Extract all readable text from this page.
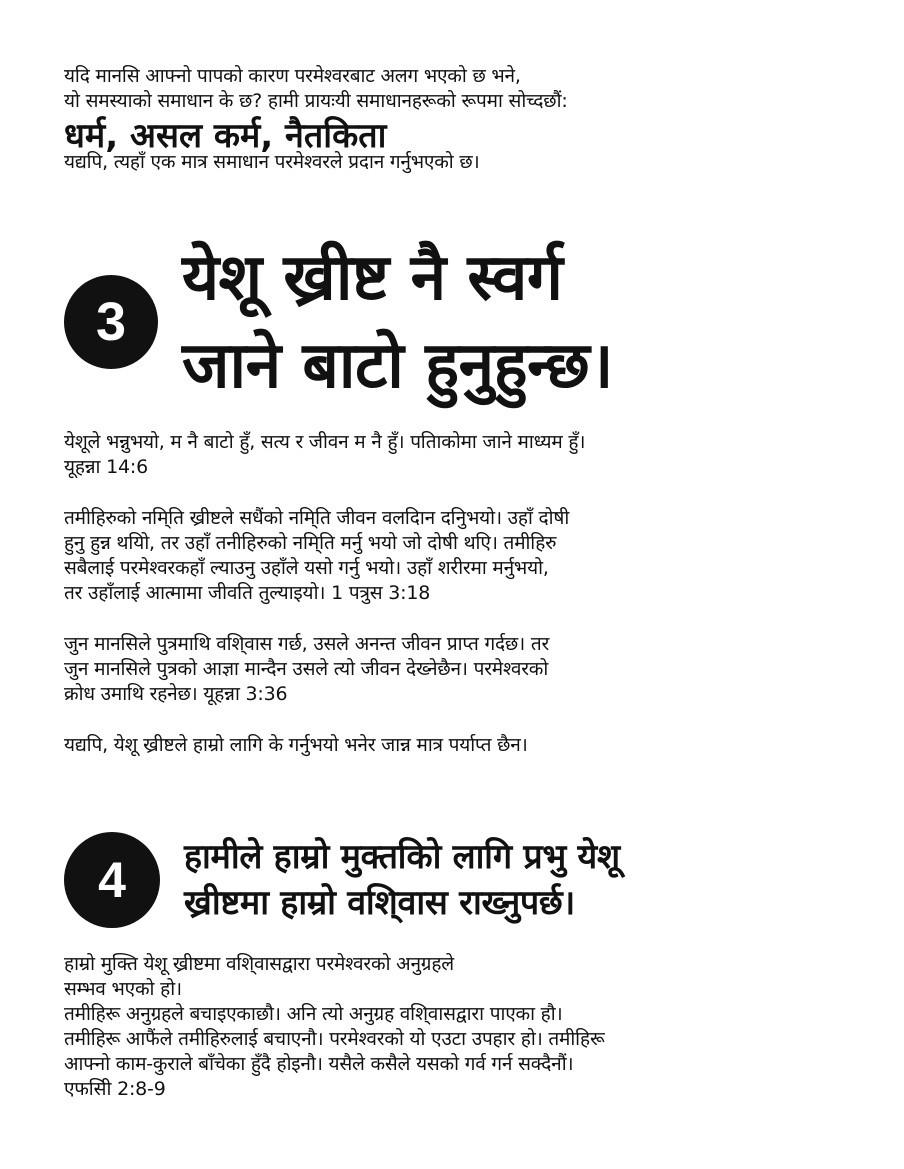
यदि मानसि आफ्नो पापको कारण परमेश्वरबाट अलग भएको छ भने,
यो समस्याको समाधान के छ? हामी प्रायःयी समाधानहरूको रूपमा सोच्दछौं:

धर्म, असल कर्म, नैतकिता

यद्यपि, त्यहाँ एक मात्र समाधान परमेश्वरले प्रदान गर्नुभएको छ।

3
येशू ख्रीष्ट नै स्वर्ग
जाने बाटो हुनुहुन्छ।

येशूले भन्नुभयो, म नै बाटो हुँ, सत्य र जीवन म नै हुँ। पतिाकोमा जाने माध्यम हुँ।
यूहन्ना 14:6

तमीहिरुको नमि्ति ख्रीष्टले सधैंको नमि्ति जीवन वलदिान दनिुभयो। उहाँ दोषी
हुनु हुन्न थयिो, तर उहाँ तनीहिरुको नमि्ति मर्नु भयो जो दोषी थएि। तमीहिरु
सबैलाई परमेश्वरकहाँ ल्याउनु उहाँले यसो गर्नु भयो। उहाँ शरीरमा मर्नुभयो,
तर उहाँलाई आत्मामा जीवति तुल्याइयो। 1 पत्रुस 3:18

जुन मानसिले पुत्रमाथि वशि्वास गर्छ, उसले अनन्त जीवन प्राप्त गर्दछ। तर
जुन मानसिले पुत्रको आज्ञा मान्दैन उसले त्यो जीवन देख्नेछैन। परमेश्वरको
क्रोध उमाथि रहनेछ। यूहन्ना 3:36

यद्यपि, येशू ख्रीष्टले हाम्रो लागि के गर्नुभयो भनेर जान्न मात्र पर्याप्त छैन।

4	हामीले हाम्रो मुक्तकिो लागि प्रभु येशू
ख्रीष्टमा हाम्रो वशि्वास राख्नुपर्छ।

हाम्रो मुक्ति येशू ख्रीष्टमा वशि्वासद्वारा परमेश्वरको अनुग्रहले
सम्भव भएको हो।
तमीहिरू अनुग्रहले बचाइएकाछौ। अनि त्यो अनुग्रह वशि्वासद्वारा पाएका हौ।
तमीहिरू आफैंले तमीहिरुलाई बचाएनौ। परमेश्वरको यो एउटा उपहार हो। तमीहिरू
आफ्नो काम-कुराले बाँचेका हुँदै होइनौ। यसैले कसैले यसको गर्व गर्न सक्दैनौं।
एफसिी 2:8-9
